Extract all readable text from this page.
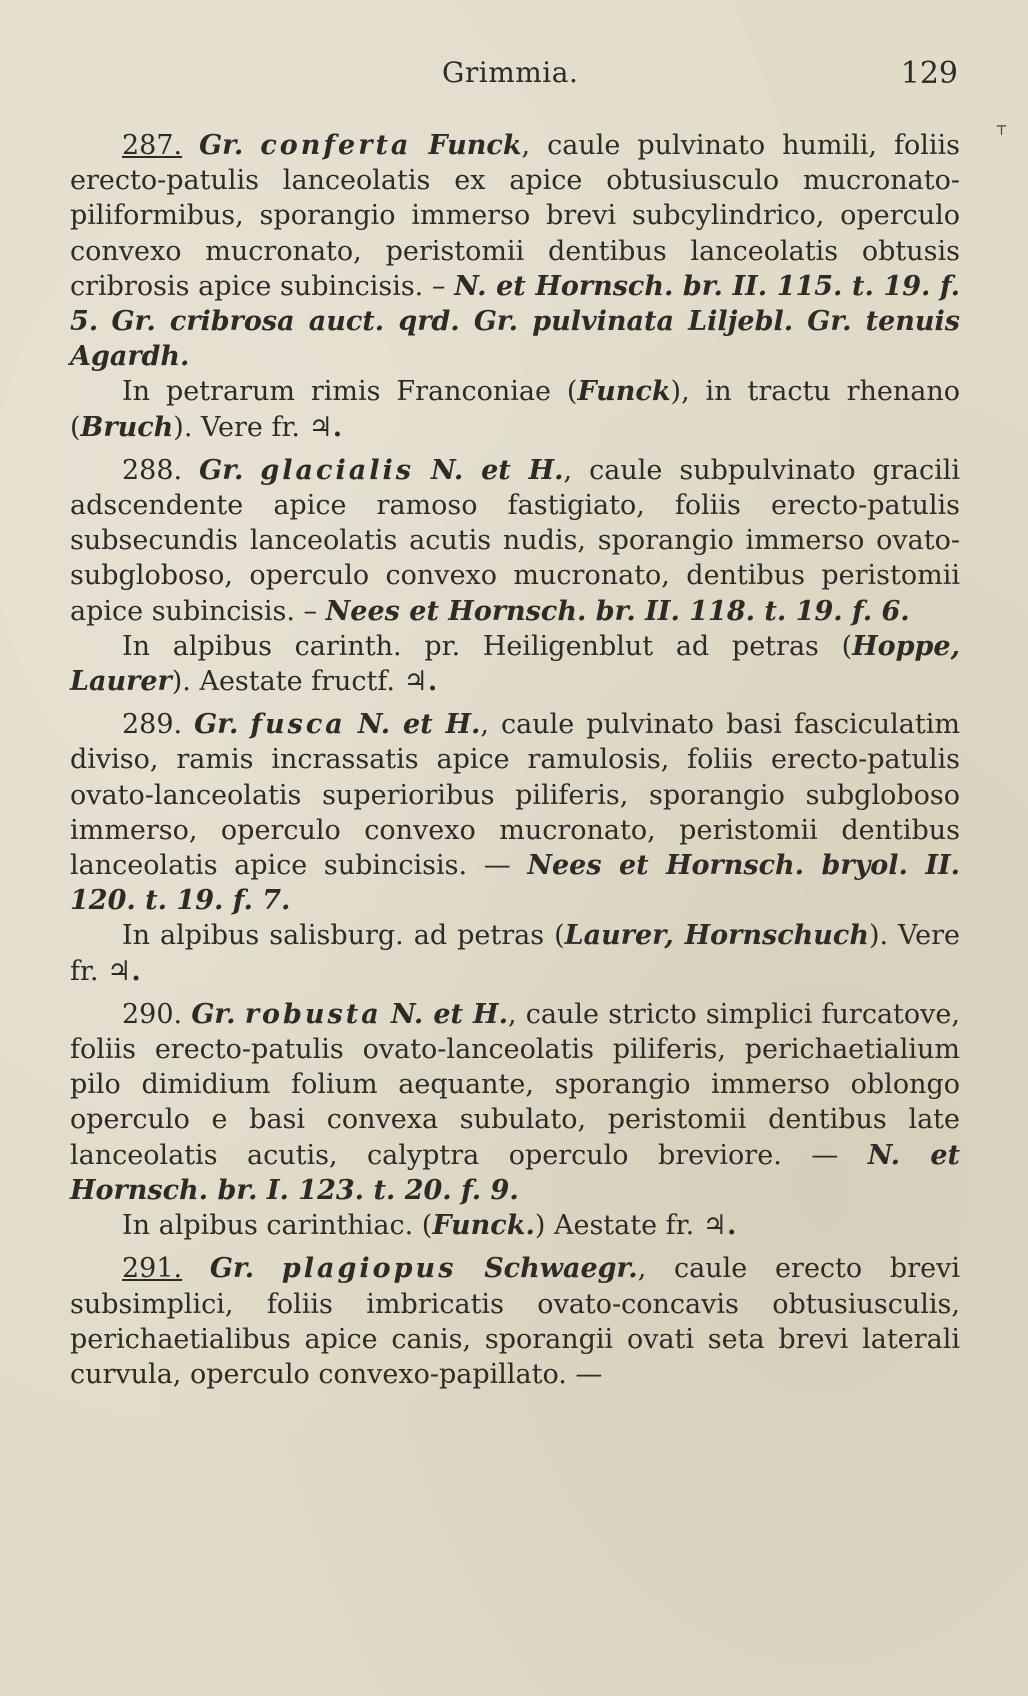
Grimmia.	129
⸆

287. Gr. conferta Funck, caule pulvinato humili, foliis erecto-patulis lanceolatis ex apice obtusiusculo mucronato-piliformibus, sporangio immerso brevi subcylindrico, operculo convexo mucronato, peristomii dentibus lanceolatis obtusis cribrosis apice subincisis. – N. et Hornsch. br. II. 115. t. 19. f. 5. Gr. cribrosa auct. qrd. Gr. pulvinata Liljebl. Gr. tenuis Agardh.

In petrarum rimis Franconiae (Funck), in tractu rhenano (Bruch). Vere fr. ♃.

288. Gr. glacialis N. et H., caule subpulvinato gracili adscendente apice ramoso fastigiato, foliis erecto-patulis subsecundis lanceolatis acutis nudis, sporangio immerso ovato-subgloboso, operculo convexo mucronato, dentibus peristomii apice subincisis. – Nees et Hornsch. br. II. 118. t. 19. f. 6.

In alpibus carinth. pr. Heiligenblut ad petras (Hoppe, Laurer). Aestate fructf. ♃.

289. Gr. fusca N. et H., caule pulvinato basi fasciculatim diviso, ramis incrassatis apice ramulosis, foliis erecto-patulis ovato-lanceolatis superioribus piliferis, sporangio subgloboso immerso, operculo convexo mucronato, peristomii dentibus lanceolatis apice subincisis. — Nees et Hornsch. bryol. II. 120. t. 19. f. 7.

In alpibus salisburg. ad petras (Laurer, Hornschuch). Vere fr. ♃.

290. Gr. robusta N. et H., caule stricto simplici furcatove, foliis erecto-patulis ovato-lanceolatis piliferis, perichaetialium pilo dimidium folium aequante, sporangio immerso oblongo operculo e basi convexa subulato, peristomii dentibus late lanceolatis acutis, calyptra operculo breviore. — N. et Hornsch. br. I. 123. t. 20. f. 9.

In alpibus carinthiac. (Funck.) Aestate fr. ♃.

291. Gr. plagiopus Schwaegr., caule erecto brevi subsimplici, foliis imbricatis ovato-concavis obtusiusculis, perichaetialibus apice canis, sporangii ovati seta brevi laterali curvula, operculo convexo-papillato. —
